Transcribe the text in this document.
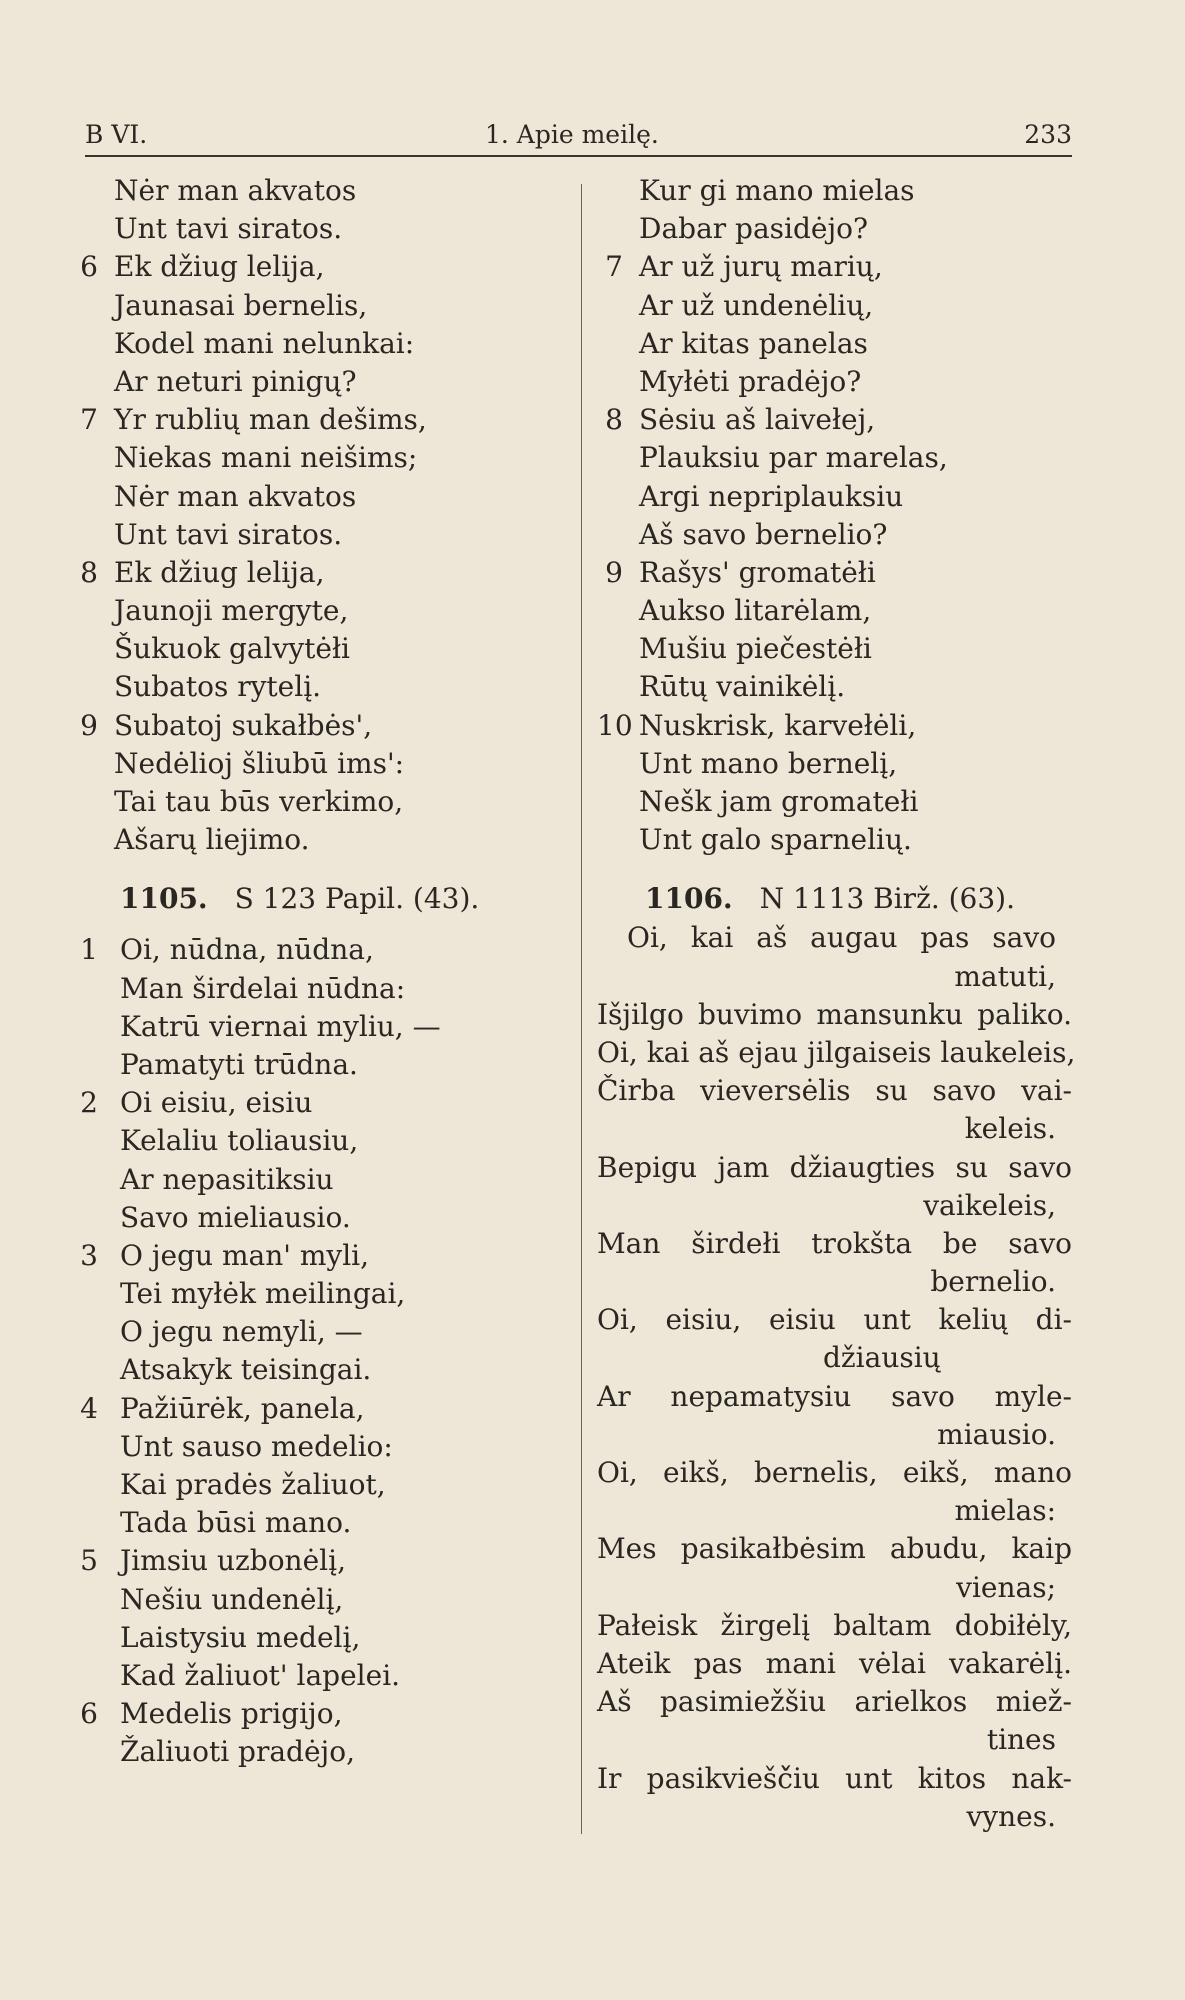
B VI.	1. Apie meilę.	233
Nėr man akvatos
Unt tavi siratos.
6 Ek džiug lelija,
Jaunasai bernelis,
Kodel mani nelunkai:
Ar neturi pinigų?
7 Yr rublių man dešims,
Niekas mani neišims;
Nėr man akvatos
Unt tavi siratos.
8 Ek džiug lelija,
Jaunoji mergyte,
Šukuok galvytėłi
Subatos rytelį.
9 Subatoj sukałbės',
Nedėlioj šliubū ims':
Tai tau būs verkimo,
Ašarų liejimo.
1105. S 123 Papil. (43).
1 Oi, nūdna, nūdna,
Man širdelai nūdna:
Katrū viernai myliu, —
Pamatyti trūdna.
2 Oi eisiu, eisiu
Kelaliu toliausiu,
Ar nepasitiksiu
Savo mieliausio.
3 O jegu man' myli,
Tei myłėk meilingai,
O jegu nemyli, —
Atsakyk teisingai.
4 Pažiūrėk, panela,
Unt sauso medelio:
Kai pradės žaliuot,
Tada būsi mano.
5 Jimsiu uzbonėlį,
Nešiu undenėlį,
Laistysiu medelį,
Kad žaliuot' lapelei.
6 Medelis prigijo,
Žaliuoti pradėjo,
Kur gi mano mielas
Dabar pasidėjo?
7 Ar už jurų marių,
Ar už undenėlių,
Ar kitas panelas
Myłėti pradėjo?
8 Sėsiu aš laivełej,
Plauksiu par marelas,
Argi nepriplauksiu
Aš savo bernelio?
9 Rašys' gromatėłi
Aukso litarėlam,
Mušiu piečestėłi
Rūtų vainikėlį.
10 Nuskrisk, karvełėli,
Unt mano bernelį,
Nešk jam gromatełi
Unt galo sparnelių.
1106. N 1113 Birž. (63).
Oi, kai aš augau pas savo
matuti,
Išjilgo buvimo mansunku paliko.
Oi, kai aš ejau jilgaiseis laukeleis,
Čirba vieversėlis su savo vai-
keleis.
Bepigu jam džiaugties su savo
vaikeleis,
Man širdełi trokšta be savo
bernelio.
Oi, eisiu, eisiu unt kelių di-
džiausių
Ar nepamatysiu savo myle-
miausio.
Oi, eikš, bernelis, eikš, mano
mielas:
Mes pasikałbėsim abudu, kaip
vienas;
Pałeisk žirgelį baltam dobiłėly,
Ateik pas mani vėlai vakarėlį.
Aš pasimiežšiu arielkos miež-
tines
Ir pasikviešč̌iu unt kitos nak-
vynes.
